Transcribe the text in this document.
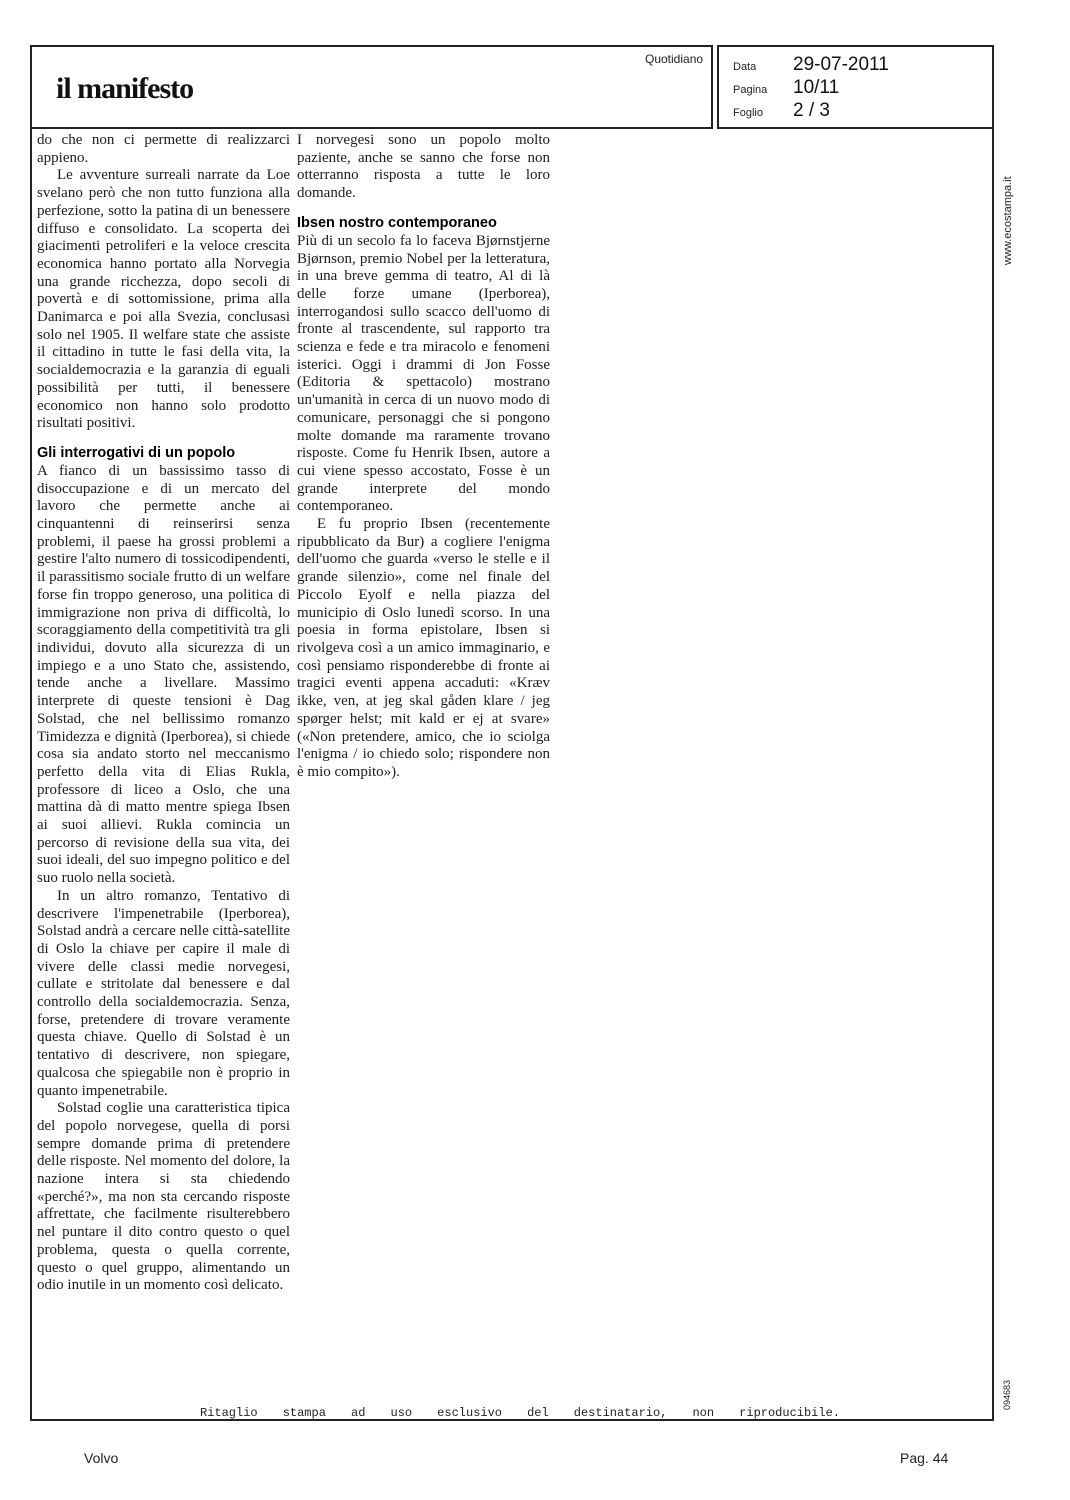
il manifesto
Quotidiano
Data 29-07-2011
Pagina 10/11
Foglio 2 / 3

do che non ci permette di realizzarci appieno.

Le avventure surreali narrate da Loe svelano però che non tutto funziona alla perfezione, sotto la patina di un benessere diffuso e consolidato. La scoperta dei giacimenti petroliferi e la veloce crescita economica hanno portato alla Norvegia una grande ricchezza, dopo secoli di povertà e di sottomissione, prima alla Danimarca e poi alla Svezia, conclusasi solo nel 1905. Il welfare state che assiste il cittadino in tutte le fasi della vita, la socialdemocrazia e la garanzia di eguali possibilità per tutti, il benessere economico non hanno solo prodotto risultati positivi.

Gli interrogativi di un popolo

A fianco di un bassissimo tasso di disoccupazione e di un mercato del lavoro che permette anche ai cinquantenni di reinserirsi senza problemi, il paese ha grossi problemi a gestire l'alto numero di tossicodipendenti, il parassitismo sociale frutto di un welfare forse fin troppo generoso, una politica di immigrazione non priva di difficoltà, lo scoraggiamento della competitività tra gli individui, dovuto alla sicurezza di un impiego e a uno Stato che, assistendo, tende anche a livellare. Massimo interprete di queste tensioni è Dag Solstad, che nel bellissimo romanzo Timidezza e dignità (Iperborea), si chiede cosa sia andato storto nel meccanismo perfetto della vita di Elias Rukla, professore di liceo a Oslo, che una mattina dà di matto mentre spiega Ibsen ai suoi allievi. Rukla comincia un percorso di revisione della sua vita, dei suoi ideali, del suo impegno politico e del suo ruolo nella società.

In un altro romanzo, Tentativo di descrivere l'impenetrabile (Iperborea), Solstad andrà a cercare nelle città-satellite di Oslo la chiave per capire il male di vivere delle classi medie norvegesi, cullate e stritolate dal benessere e dal controllo della socialdemocrazia. Senza, forse, pretendere di trovare veramente questa chiave. Quello di Solstad è un tentativo di descrivere, non spiegare, qualcosa che spiegabile non è proprio in quanto impenetrabile.

Solstad coglie una caratteristica tipica del popolo norvegese, quella di porsi sempre domande prima di pretendere delle risposte. Nel momento del dolore, la nazione intera si sta chiedendo «perché?», ma non sta cercando risposte affrettate, che facilmente risulterebbero nel puntare il dito contro questo o quel problema, questa o quella corrente, questo o quel gruppo, alimentando un odio inutile in un momento così delicato.

I norvegesi sono un popolo molto paziente, anche se sanno che forse non otterranno risposta a tutte le loro domande.

Ibsen nostro contemporaneo

Più di un secolo fa lo faceva Bjørnstjerne Bjørnson, premio Nobel per la letteratura, in una breve gemma di teatro, Al di là delle forze umane (Iperborea), interrogandosi sullo scacco dell'uomo di fronte al trascendente, sul rapporto tra scienza e fede e tra miracolo e fenomeni isterici. Oggi i drammi di Jon Fosse (Editoria & spettacolo) mostrano un'umanità in cerca di un nuovo modo di comunicare, personaggi che si pongono molte domande ma raramente trovano risposte. Come fu Henrik Ibsen, autore a cui viene spesso accostato, Fosse è un grande interprete del mondo contemporaneo.

E fu proprio Ibsen (recentemente ripubblicato da Bur) a cogliere l'enigma dell'uomo che guarda «verso le stelle e il grande silenzio», come nel finale del Piccolo Eyolf e nella piazza del municipio di Oslo lunedì scorso. In una poesia in forma epistolare, Ibsen si rivolgeva così a un amico immaginario, e così pensiamo risponderebbe di fronte ai tragici eventi appena accaduti: «Kræv ikke, ven, at jeg skal gåden klare / jeg spørger helst; mit kald er ej at svare» («Non pretendere, amico, che io sciolga l'enigma / io chiedo solo; rispondere non è mio compito»).

www.ecostampa.it
094683
Ritaglio stampa ad uso esclusivo del destinatario, non riproducibile.
Volvo	Pag. 44
